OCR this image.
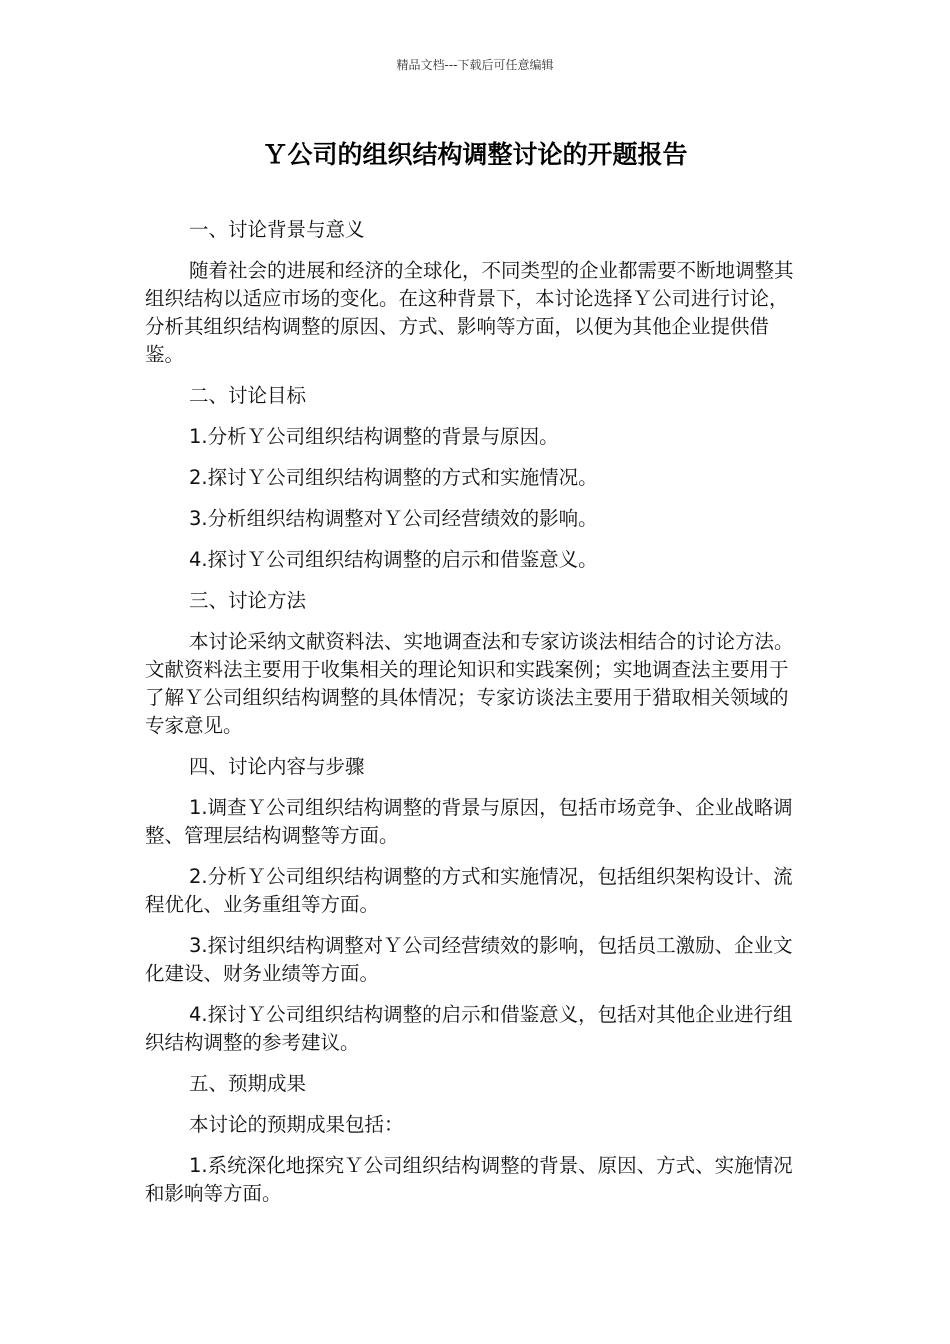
精品文档---下载后可任意编辑
Ｙ公司的组织结构调整讨论的开题报告

一、讨论背景与意义

随着社会的进展和经济的全球化，不同类型的企业都需要不断地调整其组织结构以适应市场的变化。在这种背景下，本讨论选择Ｙ公司进行讨论，分析其组织结构调整的原因、方式、影响等方面，以便为其他企业提供借鉴。

二、讨论目标

1.分析Ｙ公司组织结构调整的背景与原因。

2.探讨Ｙ公司组织结构调整的方式和实施情况。

3.分析组织结构调整对Ｙ公司经营绩效的影响。

4.探讨Ｙ公司组织结构调整的启示和借鉴意义。

三、讨论方法

本讨论采纳文献资料法、实地调查法和专家访谈法相结合的讨论方法。文献资料法主要用于收集相关的理论知识和实践案例；实地调查法主要用于了解Ｙ公司组织结构调整的具体情况；专家访谈法主要用于猎取相关领域的专家意见。

四、讨论内容与步骤

1.调查Ｙ公司组织结构调整的背景与原因，包括市场竞争、企业战略调整、管理层结构调整等方面。

2.分析Ｙ公司组织结构调整的方式和实施情况，包括组织架构设计、流程优化、业务重组等方面。

3.探讨组织结构调整对Ｙ公司经营绩效的影响，包括员工激励、企业文化建设、财务业绩等方面。

4.探讨Ｙ公司组织结构调整的启示和借鉴意义，包括对其他企业进行组织结构调整的参考建议。

五、预期成果

本讨论的预期成果包括：

1.系统深化地探究Ｙ公司组织结构调整的背景、原因、方式、实施情况和影响等方面。
